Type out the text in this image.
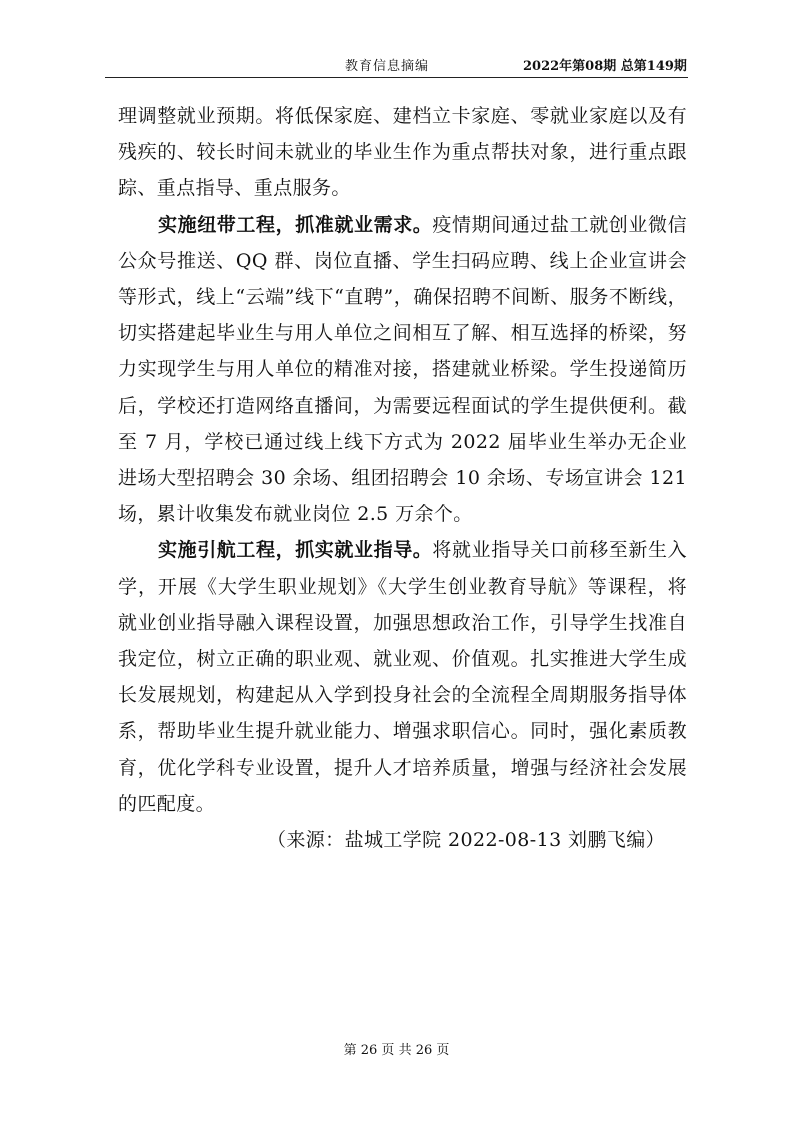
教育信息摘编	2022年第08期 总第149期

理调整就业预期。将低保家庭、建档立卡家庭、零就业家庭以及有残疾的、较长时间未就业的毕业生作为重点帮扶对象，进行重点跟踪、重点指导、重点服务。

实施纽带工程，抓准就业需求。疫情期间通过盐工就创业微信公众号推送、QQ 群、岗位直播、学生扫码应聘、线上企业宣讲会等形式，线上“云端”线下“直聘”，确保招聘不间断、服务不断线，切实搭建起毕业生与用人单位之间相互了解、相互选择的桥梁，努力实现学生与用人单位的精准对接，搭建就业桥梁。学生投递简历后，学校还打造网络直播间，为需要远程面试的学生提供便利。截至 7 月，学校已通过线上线下方式为 2022 届毕业生举办无企业进场大型招聘会 30 余场、组团招聘会 10 余场、专场宣讲会 121 场，累计收集发布就业岗位 2.5 万余个。

实施引航工程，抓实就业指导。将就业指导关口前移至新生入学，开展《大学生职业规划》《大学生创业教育导航》等课程，将就业创业指导融入课程设置，加强思想政治工作，引导学生找准自我定位，树立正确的职业观、就业观、价值观。扎实推进大学生成长发展规划，构建起从入学到投身社会的全流程全周期服务指导体系，帮助毕业生提升就业能力、增强求职信心。同时，强化素质教育，优化学科专业设置，提升人才培养质量，增强与经济社会发展的匹配度。

（来源：盐城工学院 2022-08-13 刘鹏飞编）

第 26 页 共 26 页
